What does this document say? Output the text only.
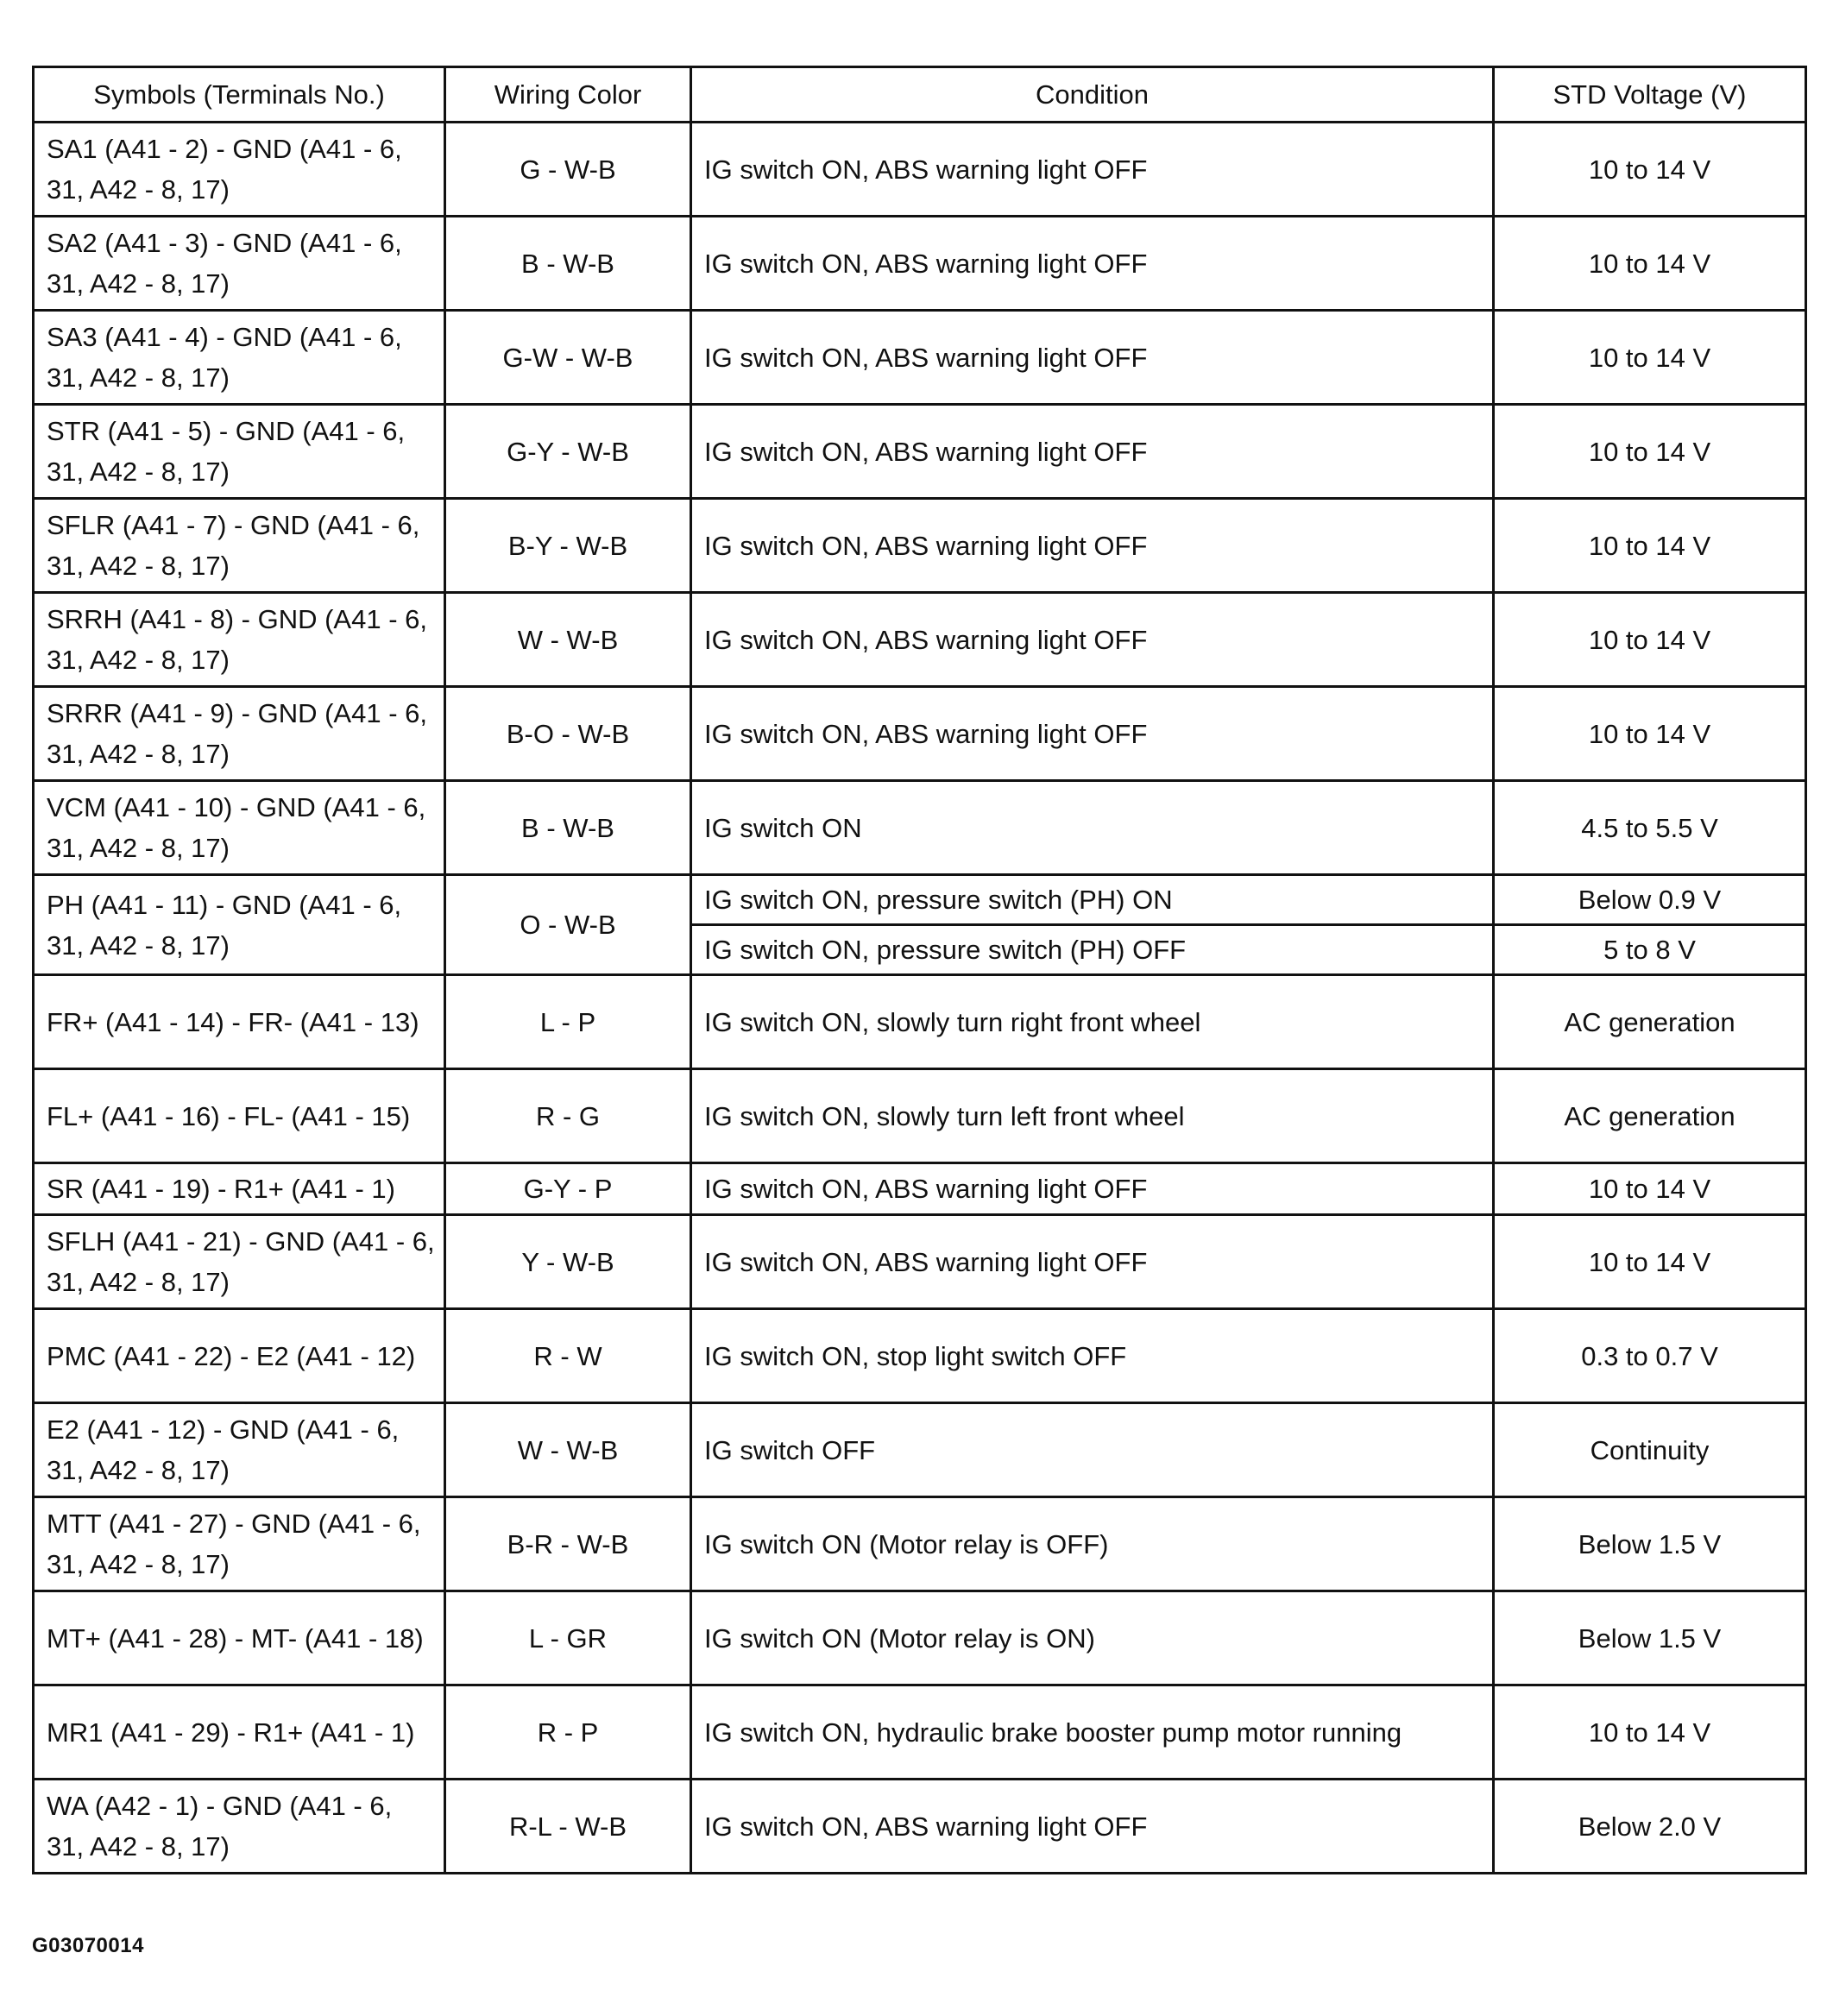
Symbols (Terminals No.)	Wiring Color	Condition	STD Voltage (V)
SA1 (A41 - 2) - GND (A41 - 6, 31, A42 - 8, 17)	G - W-B	IG switch ON, ABS warning light OFF	10 to 14 V
SA2 (A41 - 3) - GND (A41 - 6, 31, A42 - 8, 17)	B - W-B	IG switch ON, ABS warning light OFF	10 to 14 V
SA3 (A41 - 4) - GND (A41 - 6, 31, A42 - 8, 17)	G-W - W-B	IG switch ON, ABS warning light OFF	10 to 14 V
STR (A41 - 5) - GND (A41 - 6, 31, A42 - 8, 17)	G-Y - W-B	IG switch ON, ABS warning light OFF	10 to 14 V
SFLR (A41 - 7) - GND (A41 - 6, 31, A42 - 8, 17)	B-Y - W-B	IG switch ON, ABS warning light OFF	10 to 14 V
SRRH (A41 - 8) - GND (A41 - 6, 31, A42 - 8, 17)	W - W-B	IG switch ON, ABS warning light OFF	10 to 14 V
SRRR (A41 - 9) - GND (A41 - 6, 31, A42 - 8, 17)	B-O - W-B	IG switch ON, ABS warning light OFF	10 to 14 V
VCM (A41 - 10) - GND (A41 - 6, 31, A42 - 8, 17)	B - W-B	IG switch ON	4.5 to 5.5 V
PH (A41 - 11) - GND (A41 - 6, 31, A42 - 8, 17)	O - W-B	IG switch ON, pressure switch (PH) ON	Below 0.9 V
		IG switch ON, pressure switch (PH) OFF	5 to 8 V
FR+ (A41 - 14) - FR- (A41 - 13)	L - P	IG switch ON, slowly turn right front wheel	AC generation
FL+ (A41 - 16) - FL- (A41 - 15)	R - G	IG switch ON, slowly turn left front wheel	AC generation
SR (A41 - 19) - R1+ (A41 - 1)	G-Y - P	IG switch ON, ABS warning light OFF	10 to 14 V
SFLH (A41 - 21) - GND (A41 - 6, 31, A42 - 8, 17)	Y - W-B	IG switch ON, ABS warning light OFF	10 to 14 V
PMC (A41 - 22) - E2 (A41 - 12)	R - W	IG switch ON, stop light switch OFF	0.3 to 0.7 V
E2 (A41 - 12) - GND (A41 - 6, 31, A42 - 8, 17)	W - W-B	IG switch OFF	Continuity
MTT (A41 - 27) - GND (A41 - 6, 31, A42 - 8, 17)	B-R - W-B	IG switch ON (Motor relay is OFF)	Below 1.5 V
MT+ (A41 - 28) - MT- (A41 - 18)	L - GR	IG switch ON (Motor relay is ON)	Below 1.5 V
MR1 (A41 - 29) - R1+ (A41 - 1)	R - P	IG switch ON, hydraulic brake booster pump motor running	10 to 14 V
WA (A42 - 1) - GND (A41 - 6, 31, A42 - 8, 17)	R-L - W-B	IG switch ON, ABS warning light OFF	Below 2.0 V
G03070014
